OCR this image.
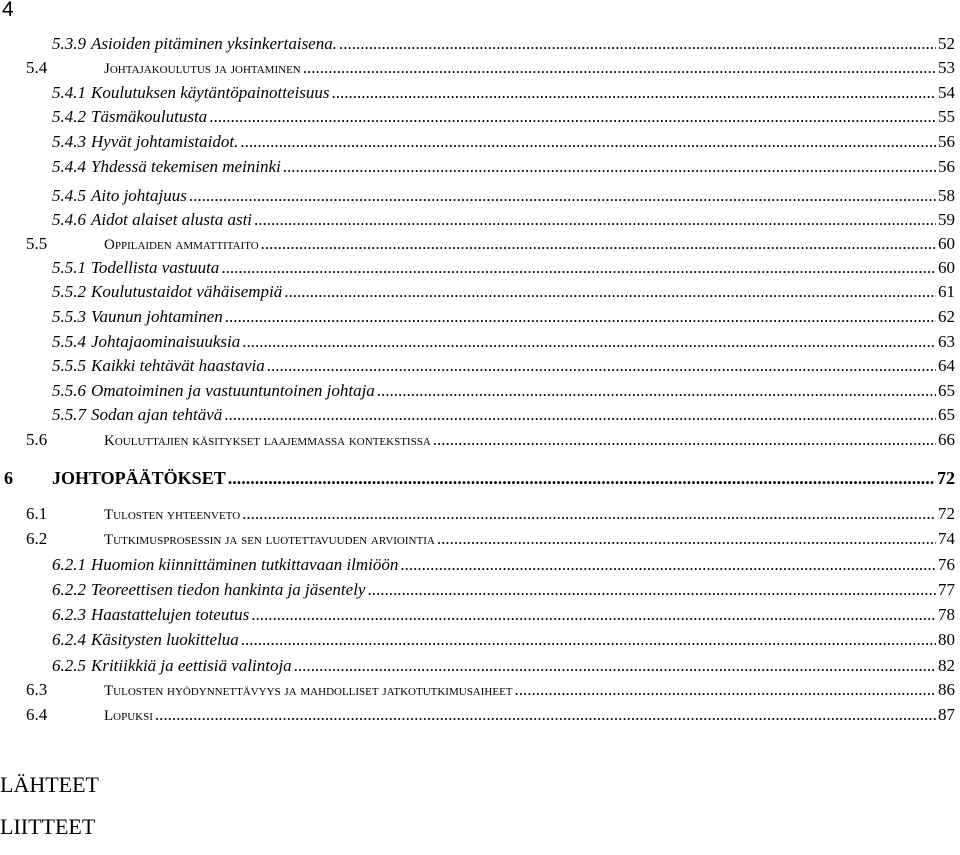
4
5.3.9 Asioiden pitäminen yksinkertaisena. .....	52
5.4	Johtajakoulutus ja johtaminen .....	53
5.4.1 Koulutuksen käytäntöpainotteisuus .....	54
5.4.2 Täsmäkoulutusta .....	55
5.4.3 Hyvät johtamistaidot. .....	56
5.4.4 Yhdessä tekemisen meininki .....	56
5.4.5 Aito johtajuus .....	58
5.4.6 Aidot alaiset alusta asti .....	59
5.5	Oppilaiden ammattitaito .....	60
5.5.1 Todellista vastuuta .....	60
5.5.2 Koulutustaidot vähäisempiä .....	61
5.5.3 Vaunun johtaminen .....	62
5.5.4 Johtajaominaisuuksia .....	63
5.5.5 Kaikki tehtävät haastavia .....	64
5.5.6 Omatoiminen ja vastuuntuntoinen johtaja .....	65
5.5.7 Sodan ajan tehtävä .....	65
5.6	Kouluttajien käsitykset laajemmassa kontekstissa .....	66
6	JOHTOPÄÄTÖKSET .....	72
6.1	Tulosten yhteenveto .....	72
6.2	Tutkimusprosessin ja sen luotettavuuden arviointia .....	74
6.2.1 Huomion kiinnittäminen tutkittavaan ilmiöön .....	76
6.2.2 Teoreettisen tiedon hankinta ja jäsentely .....	77
6.2.3 Haastattelujen toteutus .....	78
6.2.4 Käsitysten luokittelua .....	80
6.2.5 Kritiikkiä ja eettisiä valintoja .....	82
6.3	Tulosten hyödynnettävyys ja mahdolliset jatkotutkimusaiheet .....	86
6.4	Lopuksi .....	87
LÄHTEET
LIITTEET
